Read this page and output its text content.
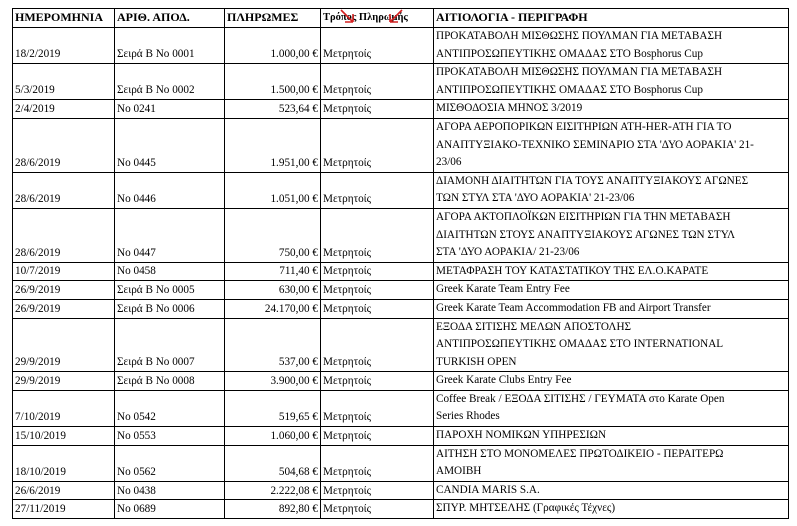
ΗΜΕΡΟΜΗΝΙΑ	ΑΡΙΘ. ΑΠΟΔ.	ΠΛΗΡΩΜΕΣ	Τρόπος Πληρωμής	ΑΙΤΙΟΛΟΓΙΑ - ΠΕΡΙΓΡΑΦΗ
18/2/2019	Σειρά Β Νο 0001	1.000,00 €	Μετρητοίς	ΠΡΟΚΑΤΑΒΟΛΗ ΜΙΣΘΩΣΗΣ ΠΟΥΛΜΑΝ ΓΙΑ ΜΕΤΑΒΑΣΗ
ΑΝΤΙΠΡΟΣΩΠΕΥΤΙΚΗΣ ΟΜΑΔΑΣ ΣΤΟ Bosphorus Cup

5/3/2019	Σειρά Β Νο 0002	1.500,00 €	Μετρητοίς	ΠΡΟΚΑΤΑΒΟΛΗ ΜΙΣΘΩΣΗΣ ΠΟΥΛΜΑΝ ΓΙΑ ΜΕΤΑΒΑΣΗ
ΑΝΤΙΠΡΟΣΩΠΕΥΤΙΚΗΣ ΟΜΑΔΑΣ ΣΤΟ Bosphorus Cup

2/4/2019	Νο 0241	523,64 €	Μετρητοίς	ΜΙΣΘΟΔΟΣΙΑ ΜΗΝΟΣ 3/2019

28/6/2019	Νο 0445	1.951,00 €	Μετρητοίς	ΑΓΟΡΑ ΑΕΡΟΠΟΡΙΚΩΝ ΕΙΣΙΤΗΡΙΩΝ ΑΤΗ-HER-ΑΤΗ ΓΙΑ ΤΟ
ΑΝΑΠΤΥΞΙΑΚΟ-ΤΕΧΝΙΚΟ ΣΕΜΙΝΑΡΙΟ ΣΤΑ 'ΔΥΟ ΑΟΡΑΚΙΑ' 21-
23/06

28/6/2019	Νο 0446	1.051,00 €	Μετρητοίς	ΔΙΑΜΟΝΗ ΔΙΑΙΤΗΤΩΝ ΓΙΑ ΤΟΥΣ ΑΝΑΠΤΥΞΙΑΚΟΥΣ ΑΓΩΝΕΣ
ΤΩΝ ΣΤΥΛ ΣΤΑ 'ΔΥΟ ΑΟΡΑΚΙΑ' 21-23/06

28/6/2019	Νο 0447	750,00 €	Μετρητοίς	ΑΓΟΡΑ ΑΚΤΟΠΛΟΪΚΩΝ ΕΙΣΙΤΗΡΙΩΝ ΓΙΑ ΤΗΝ ΜΕΤΑΒΑΣΗ
ΔΙΑΙΤΗΤΩΝ ΣΤΟΥΣ ΑΝΑΠΤΥΞΙΑΚΟΥΣ ΑΓΩΝΕΣ ΤΩΝ ΣΤΥΛ
ΣΤΑ 'ΔΥΟ ΑΟΡΑΚΙΑ/ 21-23/06

10/7/2019	Νο 0458	711,40 €	Μετρητοίς	ΜΕΤΑΦΡΑΣΗ ΤΟΥ ΚΑΤΑΣΤΑΤΙΚΟΥ ΤΗΣ ΕΛ.Ο.ΚΑΡΑΤΕ

26/9/2019	Σειρά Β Νο 0005	630,00 €	Μετρητοίς	Greek Karate Team Entry Fee

26/9/2019	Σειρά Β Νο 0006	24.170,00 €	Μετρητοίς	Greek Karate Team Accommodation FB and Airport Transfer

29/9/2019	Σειρά Β Νο 0007	537,00 €	Μετρητοίς	ΕΞΟΔΑ ΣΙΤΙΣΗΣ ΜΕΛΩΝ ΑΠΟΣΤΟΛΗΣ
ΑΝΤΙΠΡΟΣΩΠΕΥΤΙΚΗΣ ΟΜΑΔΑΣ ΣΤΟ INTERNATIONAL
TURKISH OPEN

29/9/2019	Σειρά Β Νο 0008	3.900,00 €	Μετρητοίς	Greek Karate Clubs Entry Fee

7/10/2019	Νο 0542	519,65 €	Μετρητοίς	Coffee Break / ΕΞΟΔΑ ΣΙΤΙΣΗΣ / ΓΕΥΜΑΤΑ στο Karate Open
Series Rhodes

15/10/2019	Νο 0553	1.060,00 €	Μετρητοίς	ΠΑΡΟΧΗ ΝΟΜΙΚΩΝ ΥΠΗΡΕΣΙΩΝ

18/10/2019	Νο 0562	504,68 €	Μετρητοίς	ΑΙΤΗΣΗ ΣΤΟ ΜΟΝΟΜΕΛΕΣ ΠΡΩΤΟΔΙΚΕΙΟ - ΠΕΡΑΙΤΕΡΩ
ΑΜΟΙΒΗ

26/6/2019	Νο 0438	2.222,08 €	Μετρητοίς	CANDIA MARIS S.A.

27/11/2019	Νο 0689	892,80 €	Μετρητοίς	ΣΠΥΡ. ΜΗΤΣΕΛΗΣ (Γραφικές Τέχνες)
